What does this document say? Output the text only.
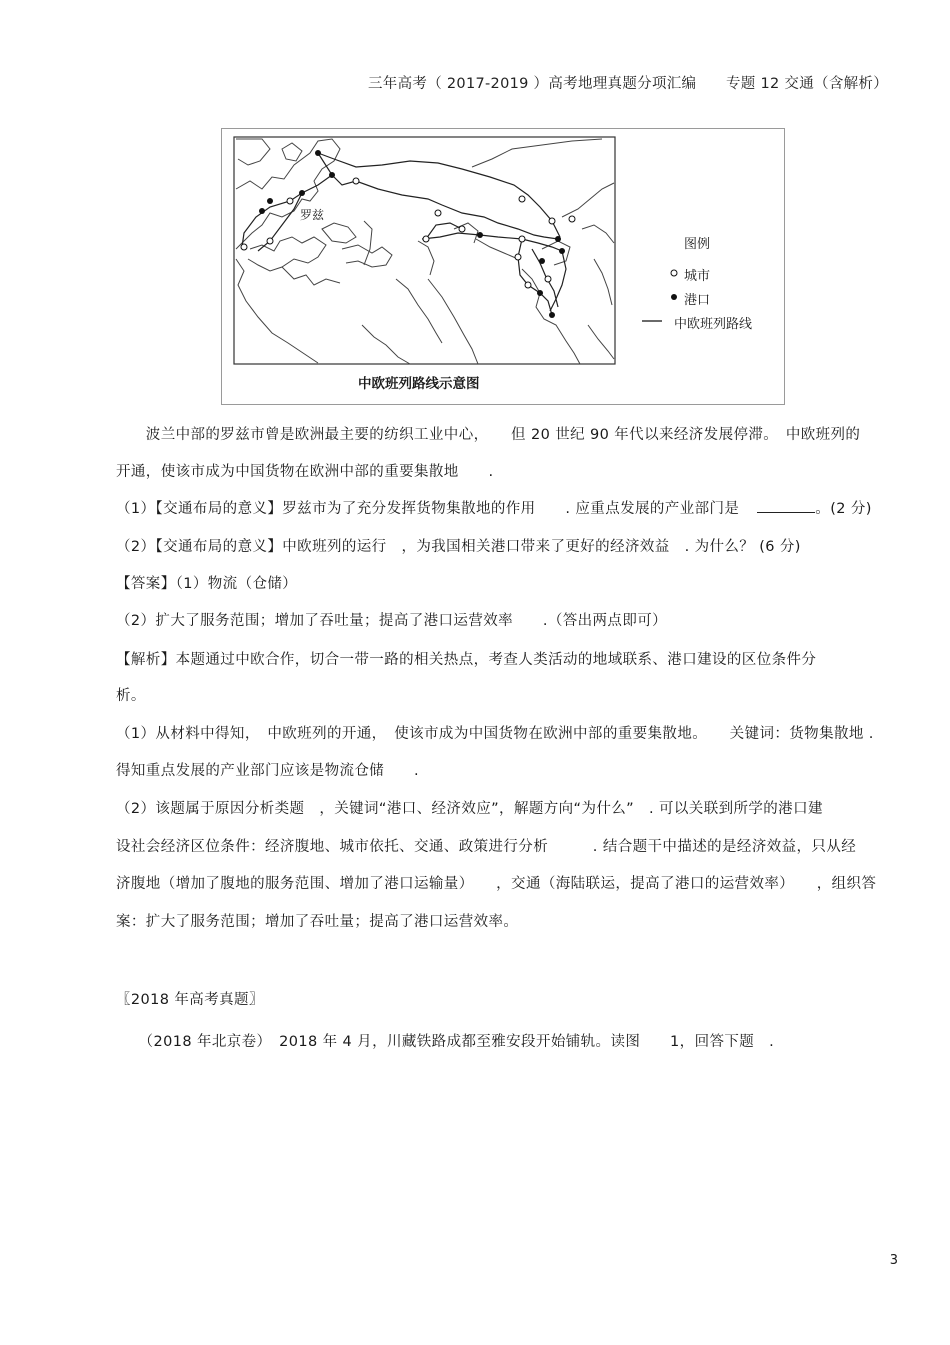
三年高考（ 2017-2019 ）高考地理真题分项汇编　　专题 12 交通（含解析）
罗兹
图例
城市
港口
中欧班列路线
中欧班列路线示意图
　　波兰中部的罗兹市曾是欧洲最主要的纺织工业中心，　　但 20 世纪 90 年代以来经济发展停滞。　中欧班列的
开通，使该市成为中国货物在欧洲中部的重要集散地　　.
（1）【交通布局的意义】罗兹市为了充分发挥货物集散地的作用　　. 应重点发展的产业部门是	。(2 分)
（2）【交通布局的意义】中欧班列的运行　，为我国相关港口带来了更好的经济效益　. 为什么？ (6 分)
【答案】（1）物流（仓储）
（2）扩大了服务范围；增加了吞吐量；提高了港口运营效率　　.（答出两点即可）
【解析】本题通过中欧合作，切合一带一路的相关热点，考查人类活动的地域联系、港口建设的区位条件分
析。
（1）从材料中得知，　中欧班列的开通，　使该市成为中国货物在欧洲中部的重要集散地。　　关键词：货物集散地 .
得知重点发展的产业部门应该是物流仓储　　.
（2）该题属于原因分析类题　，关键词“港口、经济效应”，解题方向“为什么”　. 可以关联到所学的港口建
设社会经济区位条件：经济腹地、城市依托、交通、政策进行分析　　　. 结合题干中描述的是经济效益，只从经
济腹地（增加了腹地的服务范围、增加了港口运输量）　　，交通（海陆联运，提高了港口的运营效率）　　，组织答
案：扩大了服务范围；增加了吞吐量；提高了港口运营效率。
〖2018 年高考真题〗
　　（2018 年北京卷）　2018 年 4 月，川藏铁路成都至雅安段开始铺轨。读图　　1，回答下题　.
3
